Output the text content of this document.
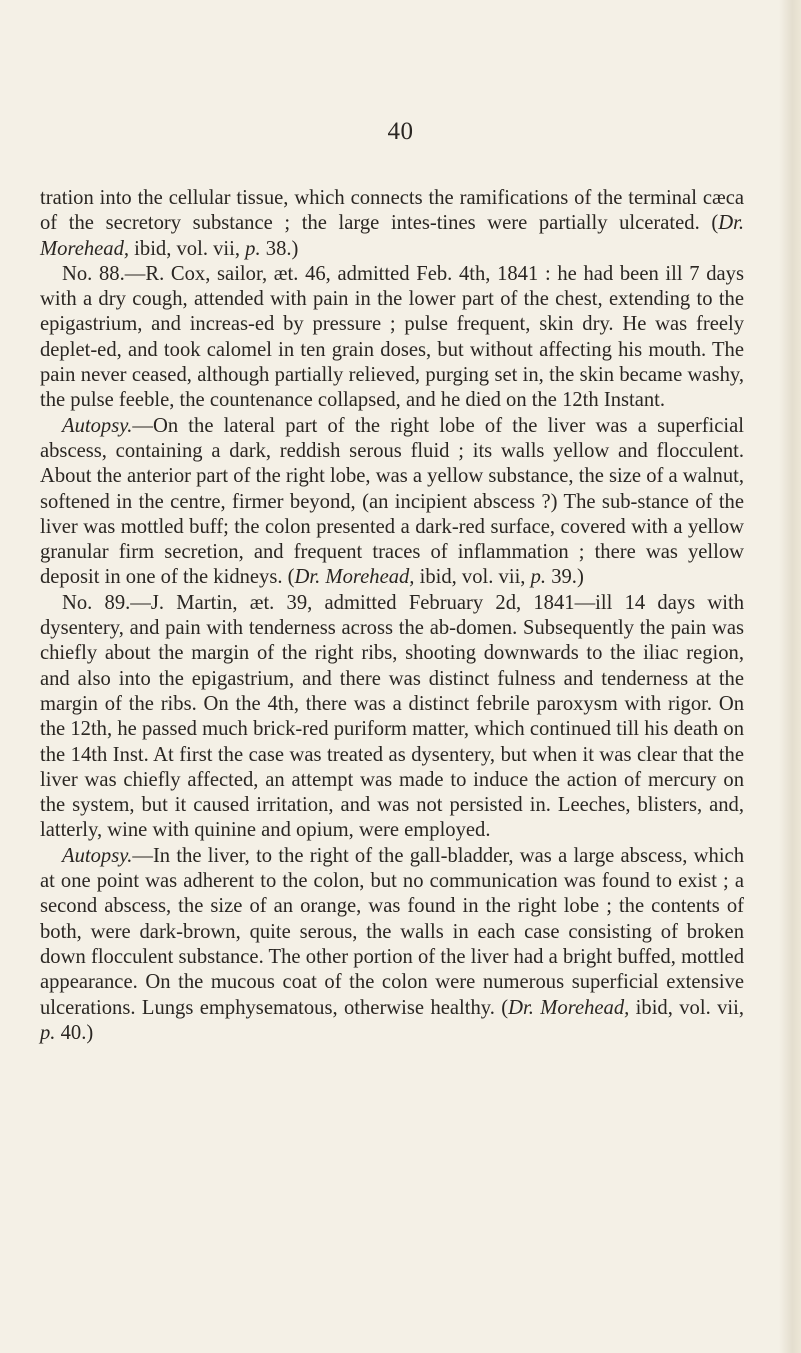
40

tration into the cellular tissue, which connects the ramifications of the terminal cæca of the secretory substance ; the large intes-tines were partially ulcerated. (Dr. Morehead, ibid, vol. vii, p. 38.)

No. 88.—R. Cox, sailor, æt. 46, admitted Feb. 4th, 1841 : he had been ill 7 days with a dry cough, attended with pain in the lower part of the chest, extending to the epigastrium, and increas-ed by pressure ; pulse frequent, skin dry. He was freely deplet-ed, and took calomel in ten grain doses, but without affecting his mouth. The pain never ceased, although partially relieved, purging set in, the skin became washy, the pulse feeble, the countenance collapsed, and he died on the 12th Instant.

Autopsy.—On the lateral part of the right lobe of the liver was a superficial abscess, containing a dark, reddish serous fluid ; its walls yellow and flocculent. About the anterior part of the right lobe, was a yellow substance, the size of a walnut, softened in the centre, firmer beyond, (an incipient abscess ?) The sub-stance of the liver was mottled buff; the colon presented a dark-red surface, covered with a yellow granular firm secretion, and frequent traces of inflammation ; there was yellow deposit in one of the kidneys. (Dr. Morehead, ibid, vol. vii, p. 39.)

No. 89.—J. Martin, æt. 39, admitted February 2d, 1841—ill 14 days with dysentery, and pain with tenderness across the ab-domen. Subsequently the pain was chiefly about the margin of the right ribs, shooting downwards to the iliac region, and also into the epigastrium, and there was distinct fulness and tenderness at the margin of the ribs. On the 4th, there was a distinct febrile paroxysm with rigor. On the 12th, he passed much brick-red puriform matter, which continued till his death on the 14th Inst. At first the case was treated as dysentery, but when it was clear that the liver was chiefly affected, an attempt was made to induce the action of mercury on the system, but it caused irritation, and was not persisted in. Leeches, blisters, and, latterly, wine with quinine and opium, were employed.

Autopsy.—In the liver, to the right of the gall-bladder, was a large abscess, which at one point was adherent to the colon, but no communication was found to exist ; a second abscess, the size of an orange, was found in the right lobe ; the contents of both, were dark-brown, quite serous, the walls in each case consisting of broken down flocculent substance. The other portion of the liver had a bright buffed, mottled appearance. On the mucous coat of the colon were numerous superficial extensive ulcerations. Lungs emphysematous, otherwise healthy. (Dr. Morehead, ibid, vol. vii, p. 40.)
